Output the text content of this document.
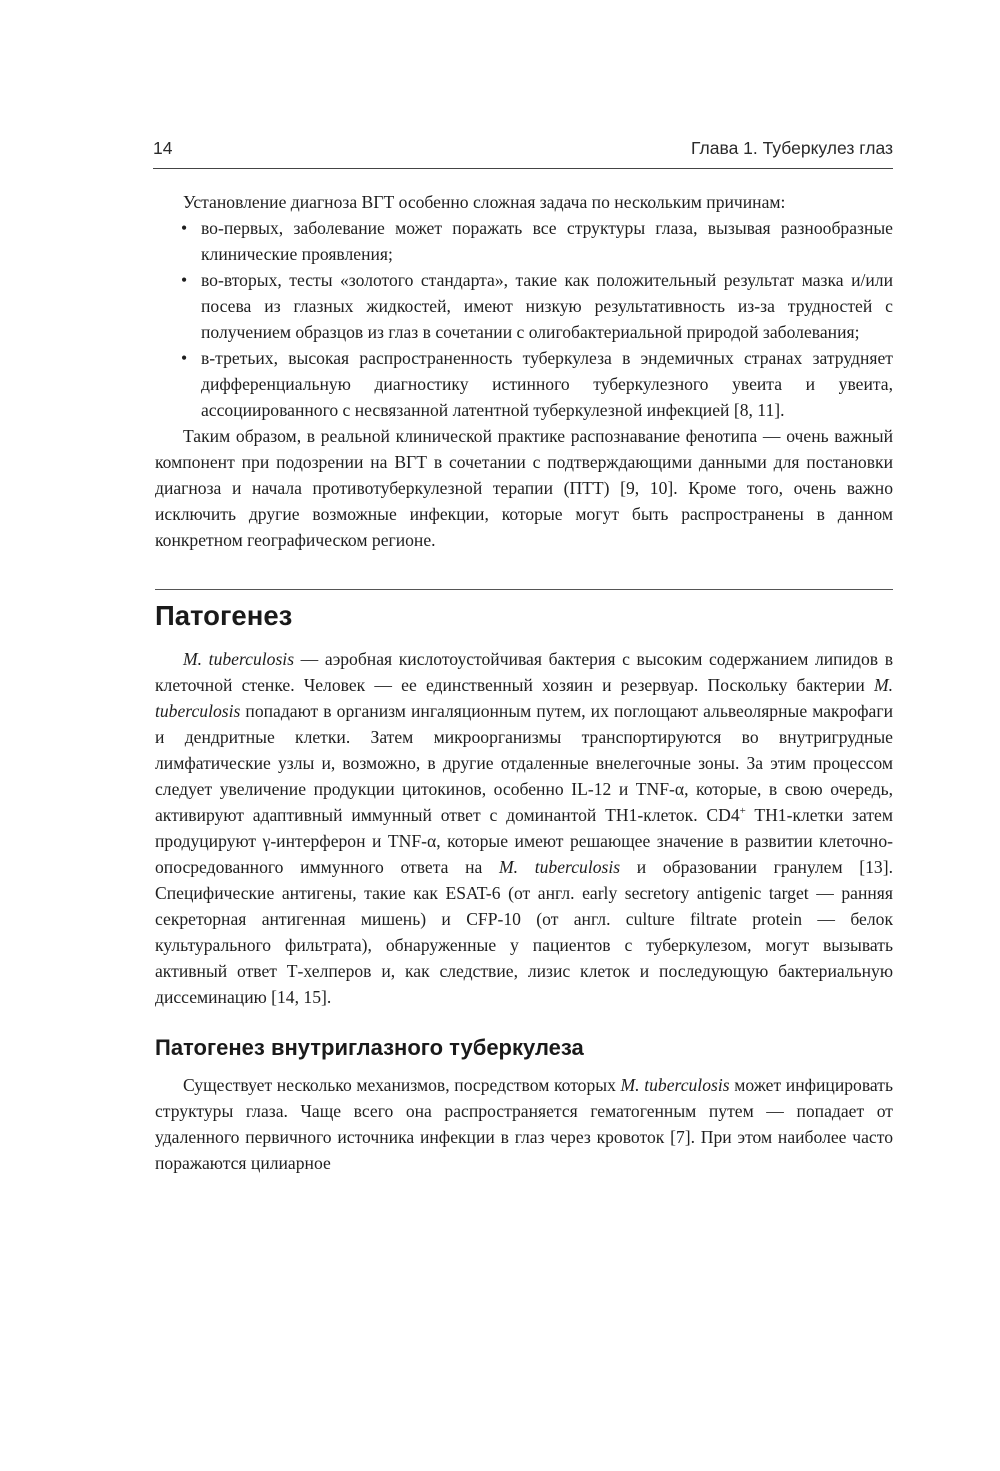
14	Глава 1. Туберкулез глаз

Установление диагноза ВГТ особенно сложная задача по нескольким причинам:

• во-первых, заболевание может поражать все структуры глаза, вызывая разнообразные клинические проявления;
• во-вторых, тесты «золотого стандарта», такие как положительный результат мазка и/или посева из глазных жидкостей, имеют низкую результативность из-за трудностей с получением образцов из глаз в сочетании с олигобактериальной природой заболевания;
• в-третьих, высокая распространенность туберкулеза в эндемичных странах затрудняет дифференциальную диагностику истинного туберкулезного увеита и увеита, ассоциированного с несвязанной латентной туберкулезной инфекцией [8, 11].

Таким образом, в реальной клинической практике распознавание фенотипа — очень важный компонент при подозрении на ВГТ в сочетании с подтверждающими данными для постановки диагноза и начала противотуберкулезной терапии (ПТТ) [9, 10]. Кроме того, очень важно исключить другие возможные инфекции, которые могут быть распространены в данном конкретном географическом регионе.

Патогенез

M. tuberculosis — аэробная кислотоустойчивая бактерия с высоким содержанием липидов в клеточной стенке. Человек — ее единственный хозяин и резервуар. Поскольку бактерии M. tuberculosis попадают в организм ингаляционным путем, их поглощают альвеолярные макрофаги и дендритные клетки. Затем микроорганизмы транспортируются во внутригрудные лимфатические узлы и, возможно, в другие отдаленные внелегочные зоны. За этим процессом следует увеличение продукции цитокинов, особенно IL-12 и TNF-α, которые, в свою очередь, активируют адаптивный иммунный ответ с доминантой TH1-клеток. CD4+ TH1-клетки затем продуцируют γ-интерферон и TNF-α, которые имеют решающее значение в развитии клеточно-опосредованного иммунного ответа на M. tuberculosis и образовании гранулем [13]. Специфические антигены, такие как ESAT-6 (от англ. early secretory antigenic target — ранняя секреторная антигенная мишень) и CFP-10 (от англ. culture filtrate protein — белок культурального фильтрата), обнаруженные у пациентов с туберкулезом, могут вызывать активный ответ Т-хелперов и, как следствие, лизис клеток и последующую бактериальную диссеминацию [14, 15].

Патогенез внутриглазного туберкулеза

Существует несколько механизмов, посредством которых M. tuberculosis может инфицировать структуры глаза. Чаще всего она распространяется гематогенным путем — попадает от удаленного первичного источника инфекции в глаз через кровоток [7]. При этом наиболее часто поражаются цилиарное
